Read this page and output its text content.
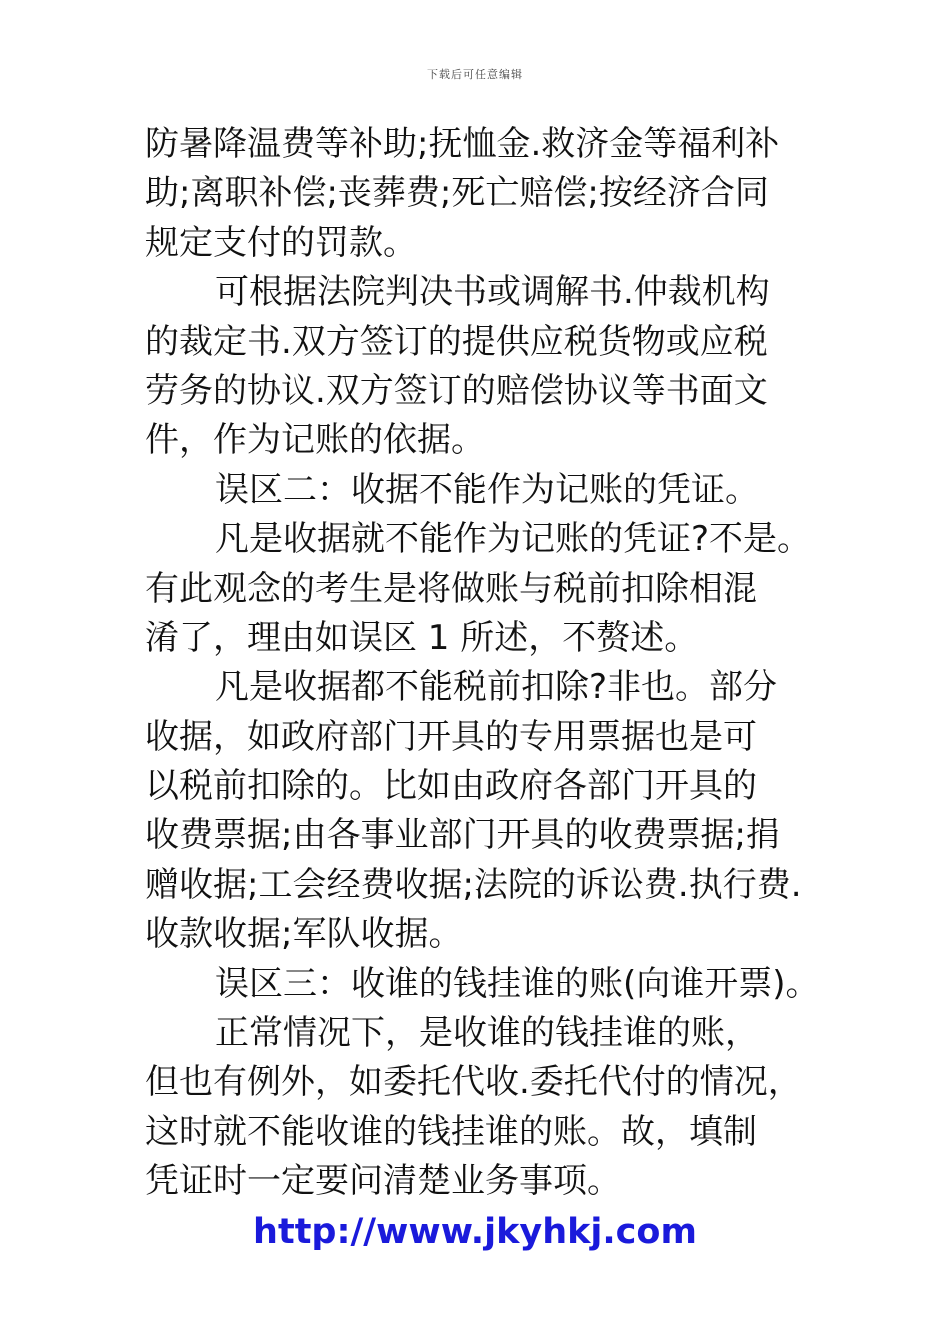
下载后可任意编辑
防暑降温费等补助;抚恤金.救济金等福利补
助;离职补偿;丧葬费;死亡赔偿;按经济合同
规定支付的罚款。
可根据法院判决书或调解书.仲裁机构
的裁定书.双方签订的提供应税货物或应税
劳务的协议.双方签订的赔偿协议等书面文
件，作为记账的依据。
误区二：收据不能作为记账的凭证。
凡是收据就不能作为记账的凭证?不是。
有此观念的考生是将做账与税前扣除相混
淆了，理由如误区 1 所述，不赘述。
凡是收据都不能税前扣除?非也。部分
收据，如政府部门开具的专用票据也是可
以税前扣除的。比如由政府各部门开具的
收费票据;由各事业部门开具的收费票据;捐
赠收据;工会经费收据;法院的诉讼费.执行费.
收款收据;军队收据。
误区三：收谁的钱挂谁的账(向谁开票)。
正常情况下，是收谁的钱挂谁的账，
但也有例外，如委托代收.委托代付的情况，
这时就不能收谁的钱挂谁的账。故，填制
凭证时一定要问清楚业务事项。
http://www.jkyhkj.com
